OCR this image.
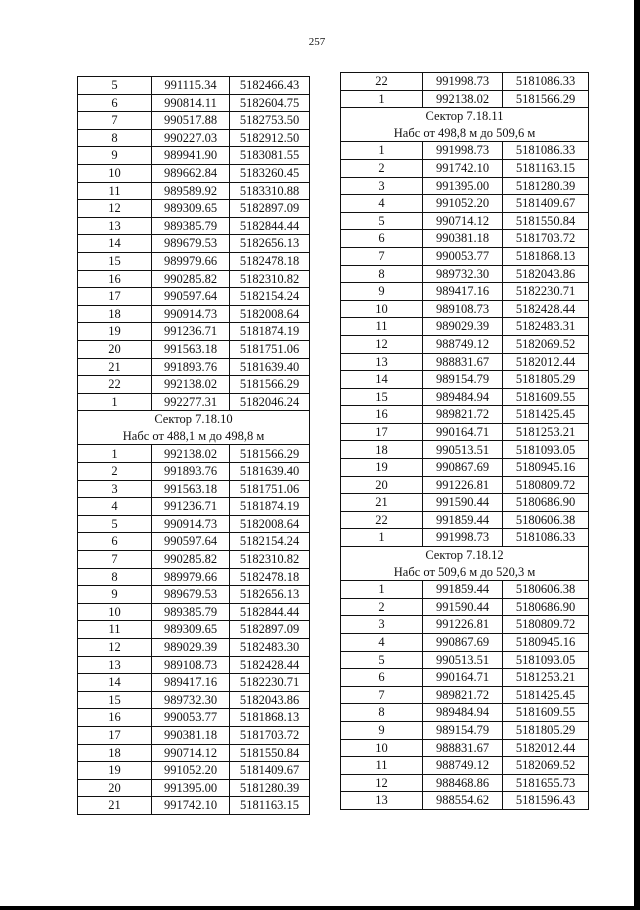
257
5	991115.34	5182466.43
6	990814.11	5182604.75
7	990517.88	5182753.50
8	990227.03	5182912.50
9	989941.90	5183081.55
10	989662.84	5183260.45
11	989589.92	5183310.88
12	989309.65	5182897.09
13	989385.79	5182844.44
14	989679.53	5182656.13
15	989979.66	5182478.18
16	990285.82	5182310.82
17	990597.64	5182154.24
18	990914.73	5182008.64
19	991236.71	5181874.19
20	991563.18	5181751.06
21	991893.76	5181639.40
22	992138.02	5181566.29
1	992277.31	5182046.24
Сектор 7.18.10		
Набс от 488,1 м до 498,8 м		
1	992138.02	5181566.29
2	991893.76	5181639.40
3	991563.18	5181751.06
4	991236.71	5181874.19
5	990914.73	5182008.64
6	990597.64	5182154.24
7	990285.82	5182310.82
8	989979.66	5182478.18
9	989679.53	5182656.13
10	989385.79	5182844.44
11	989309.65	5182897.09
12	989029.39	5182483.30
13	989108.73	5182428.44
14	989417.16	5182230.71
15	989732.30	5182043.86
16	990053.77	5181868.13
17	990381.18	5181703.72
18	990714.12	5181550.84
19	991052.20	5181409.67
20	991395.00	5181280.39
21	991742.10	5181163.15
22	991998.73	5181086.33
1	992138.02	5181566.29
Сектор 7.18.11		
Набс от 498,8 м до 509,6 м		
1	991998.73	5181086.33
2	991742.10	5181163.15
3	991395.00	5181280.39
4	991052.20	5181409.67
5	990714.12	5181550.84
6	990381.18	5181703.72
7	990053.77	5181868.13
8	989732.30	5182043.86
9	989417.16	5182230.71
10	989108.73	5182428.44
11	989029.39	5182483.31
12	988749.12	5182069.52
13	988831.67	5182012.44
14	989154.79	5181805.29
15	989484.94	5181609.55
16	989821.72	5181425.45
17	990164.71	5181253.21
18	990513.51	5181093.05
19	990867.69	5180945.16
20	991226.81	5180809.72
21	991590.44	5180686.90
22	991859.44	5180606.38
1	991998.73	5181086.33
Сектор 7.18.12		
Набс от 509,6 м до 520,3 м		
1	991859.44	5180606.38
2	991590.44	5180686.90
3	991226.81	5180809.72
4	990867.69	5180945.16
5	990513.51	5181093.05
6	990164.71	5181253.21
7	989821.72	5181425.45
8	989484.94	5181609.55
9	989154.79	5181805.29
10	988831.67	5182012.44
11	988749.12	5182069.52
12	988468.86	5181655.73
13	988554.62	5181596.43
